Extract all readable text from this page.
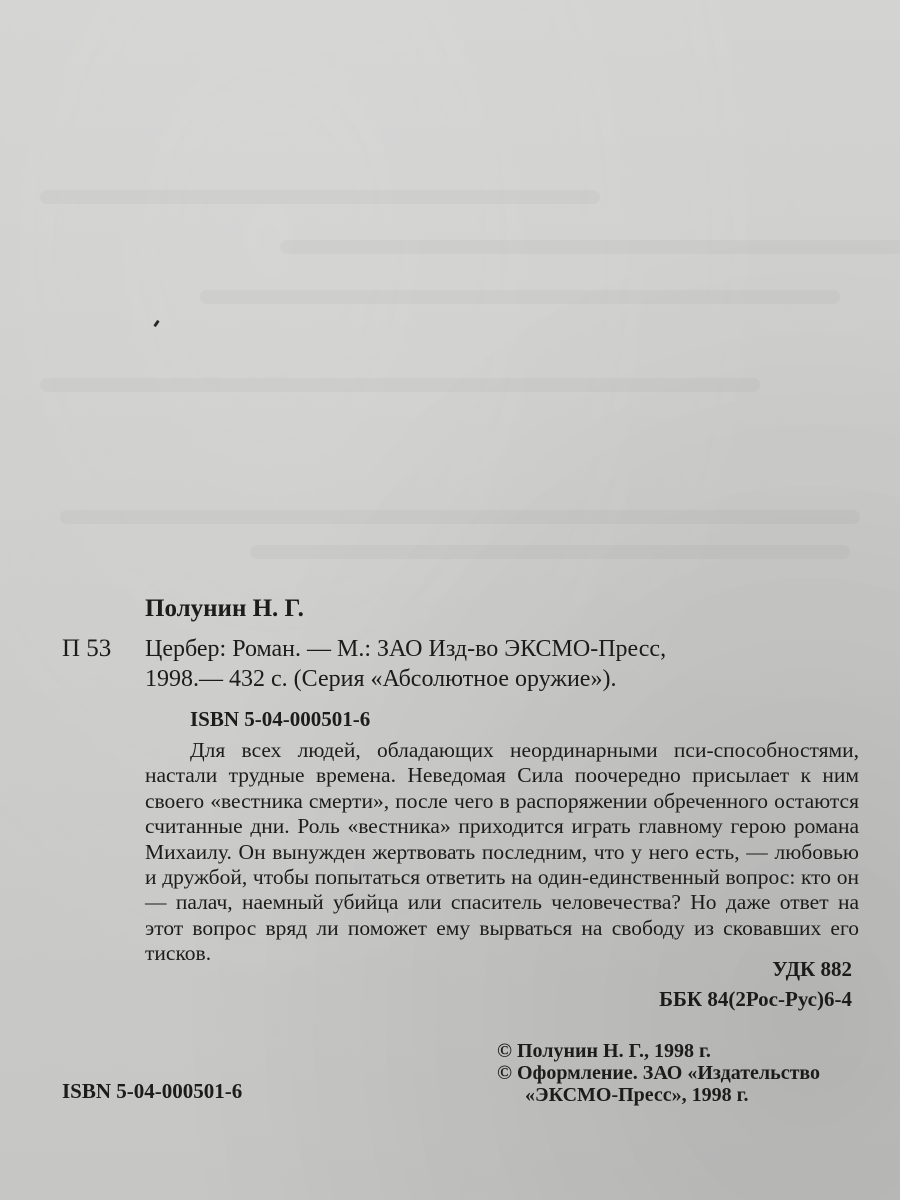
Полунин Н. Г.
П 53 Цербер: Роман. — М.: ЗАО Изд-во ЭКСМО-Пресс,

1998.— 432 с. (Серия «Абсолютное оружие»).

ISBN 5-04-000501-6

Для всех людей, обладающих неординарными пси-способностями, настали трудные времена. Неведомая Сила поочередно присылает к ним своего «вестника смерти», после чего в распоряжении обреченного остаются считанные дни. Роль «вестника» приходится играть главному герою романа Михаилу. Он вынужден жертвовать последним, что у него есть, — любовью и дружбой, чтобы попытаться ответить на один-единственный вопрос: кто он — палач, наемный убийца или спаситель человечества? Но даже ответ на этот вопрос вряд ли поможет ему вырваться на свободу из сковавших его тисков.

УДК 882
ББК 84(2Рос-Рус)6-4
© Полунин Н. Г., 1998 г.
© Оформление. ЗАО «Издательство
«ЭКСМО-Пресс», 1998 г.
ISBN 5-04-000501-6
